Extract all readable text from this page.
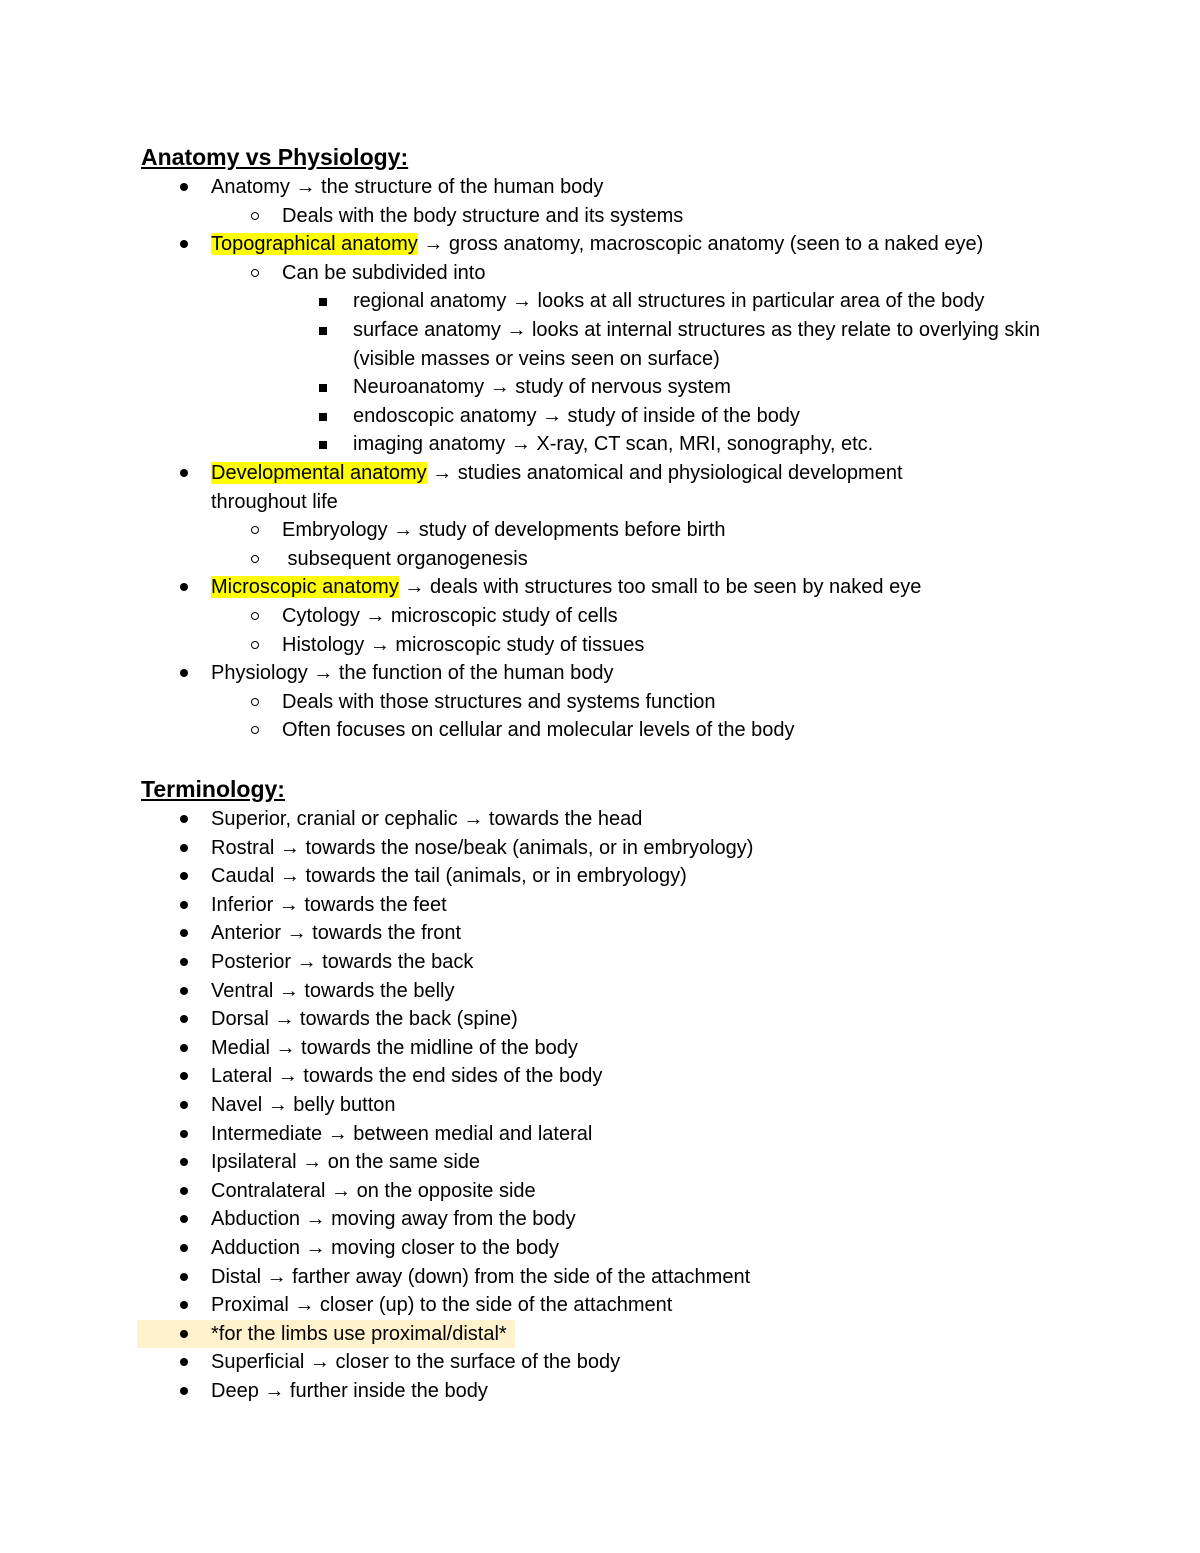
Anatomy vs Physiology:
Anatomy → the structure of the human body
Deals with the body structure and its systems
Topographical anatomy → gross anatomy, macroscopic anatomy (seen to a naked eye)
Can be subdivided into
regional anatomy → looks at all structures in particular area of the body
surface anatomy → looks at internal structures as they relate to overlying skin (visible masses or veins seen on surface)
Neuroanatomy → study of nervous system
endoscopic anatomy → study of inside of the body
imaging anatomy → X-ray, CT scan, MRI, sonography, etc.
Developmental anatomy → studies anatomical and physiological development throughout life
Embryology → study of developments before birth
subsequent organogenesis
Microscopic anatomy → deals with structures too small to be seen by naked eye
Cytology → microscopic study of cells
Histology → microscopic study of tissues
Physiology → the function of the human body
Deals with those structures and systems function
Often focuses on cellular and molecular levels of the body
Terminology:
Superior, cranial or cephalic → towards the head
Rostral → towards the nose/beak (animals, or in embryology)
Caudal → towards the tail (animals, or in embryology)
Inferior → towards the feet
Anterior → towards the front
Posterior → towards the back
Ventral → towards the belly
Dorsal → towards the back (spine)
Medial → towards the midline of the body
Lateral → towards the end sides of the body
Navel → belly button
Intermediate → between medial and lateral
Ipsilateral → on the same side
Contralateral → on the opposite side
Abduction → moving away from the body
Adduction → moving closer to the body
Distal → farther away (down) from the side of the attachment
Proximal → closer (up) to the side of the attachment
*for the limbs use proximal/distal*
Superficial → closer to the surface of the body
Deep → further inside the body
